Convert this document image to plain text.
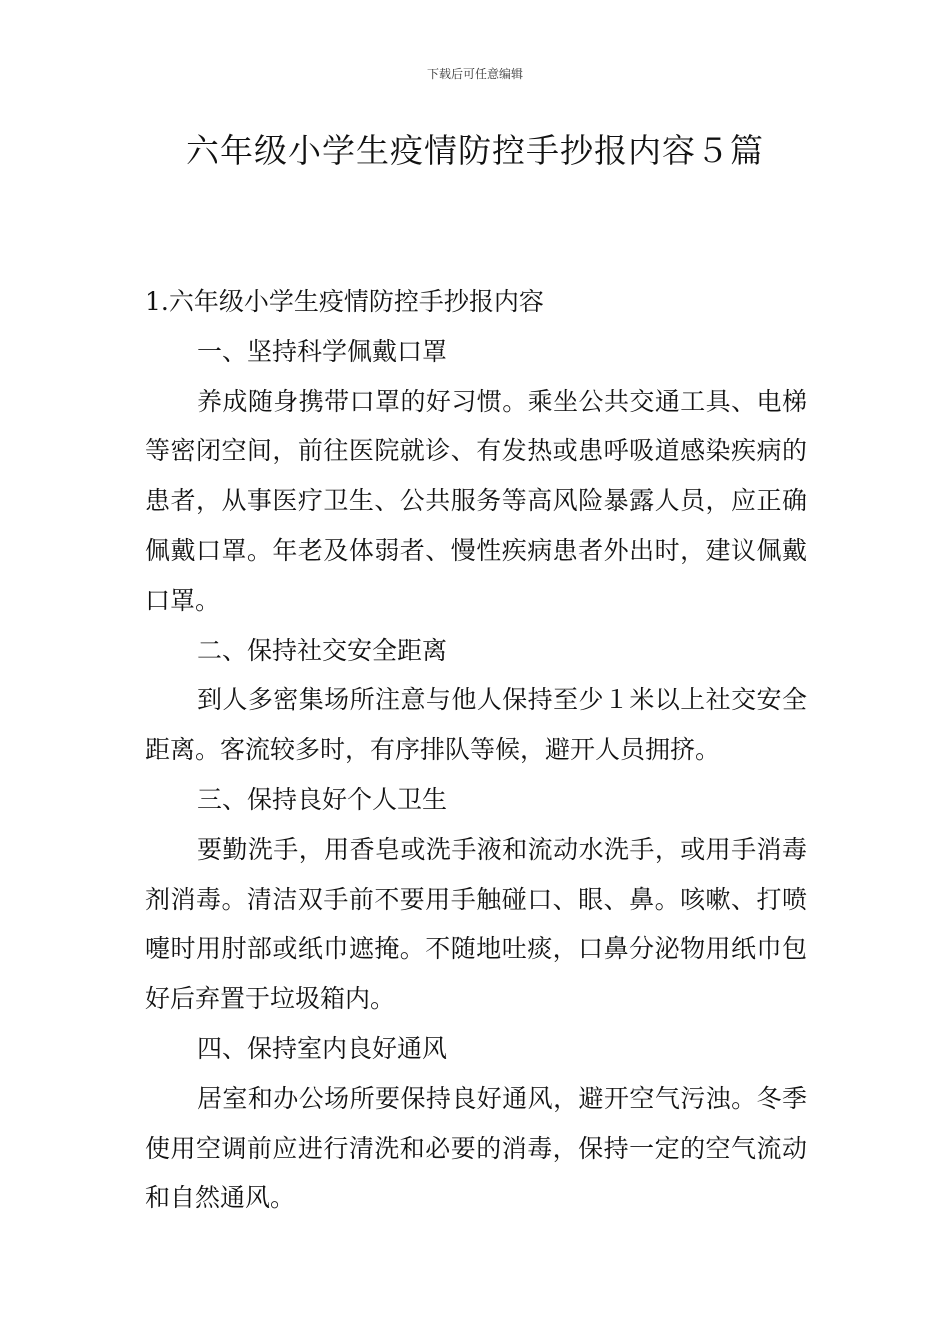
下载后可任意编辑
六年级小学生疫情防控手抄报内容５篇

1.六年级小学生疫情防控手抄报内容

一、坚持科学佩戴口罩

养成随身携带口罩的好习惯。乘坐公共交通工具、电梯等密闭空间，前往医院就诊、有发热或患呼吸道感染疾病的患者，从事医疗卫生、公共服务等高风险暴露人员，应正确佩戴口罩。年老及体弱者、慢性疾病患者外出时，建议佩戴口罩。

二、保持社交安全距离

到人多密集场所注意与他人保持至少１米以上社交安全距离。客流较多时，有序排队等候，避开人员拥挤。

三、保持良好个人卫生

要勤洗手，用香皂或洗手液和流动水洗手，或用手消毒剂消毒。清洁双手前不要用手触碰口、眼、鼻。咳嗽、打喷嚏时用肘部或纸巾遮掩。不随地吐痰，口鼻分泌物用纸巾包好后弃置于垃圾箱内。

四、保持室内良好通风

居室和办公场所要保持良好通风，避开空气污浊。冬季使用空调前应进行清洗和必要的消毒，保持一定的空气流动和自然通风。
